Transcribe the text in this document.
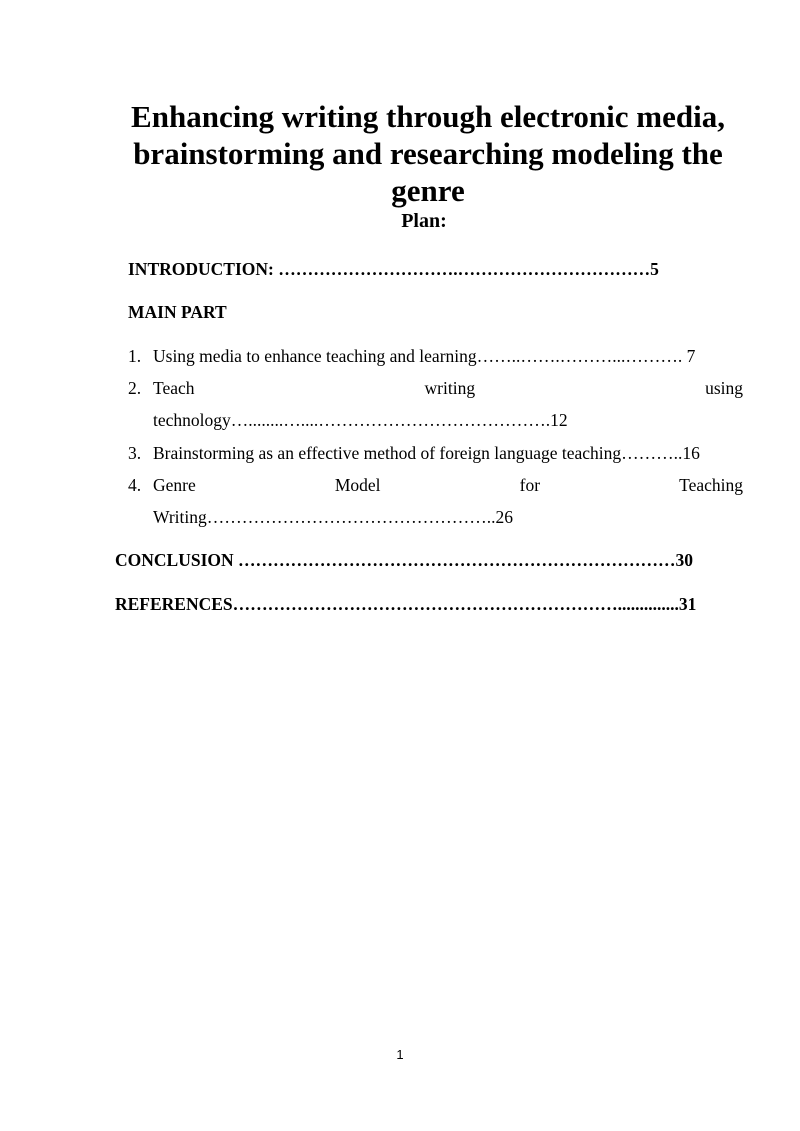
Enhancing writing through electronic media, brainstorming and researching modeling the genre
Plan:
INTRODUCTION: ………………………….……………………………5
MAIN PART
1. Using media to enhance teaching and learning……..…….………...………. 7
2. Teach	writing	using
technology…........…....………………………………….12
3. Brainstorming as an effective method of foreign language teaching………..16
4. Genre	Model	for	Teaching
Writing…………………………………………..26
CONCLUSION …………………………………………………………………30
REFERENCES…………………………………………………………..............31
1
